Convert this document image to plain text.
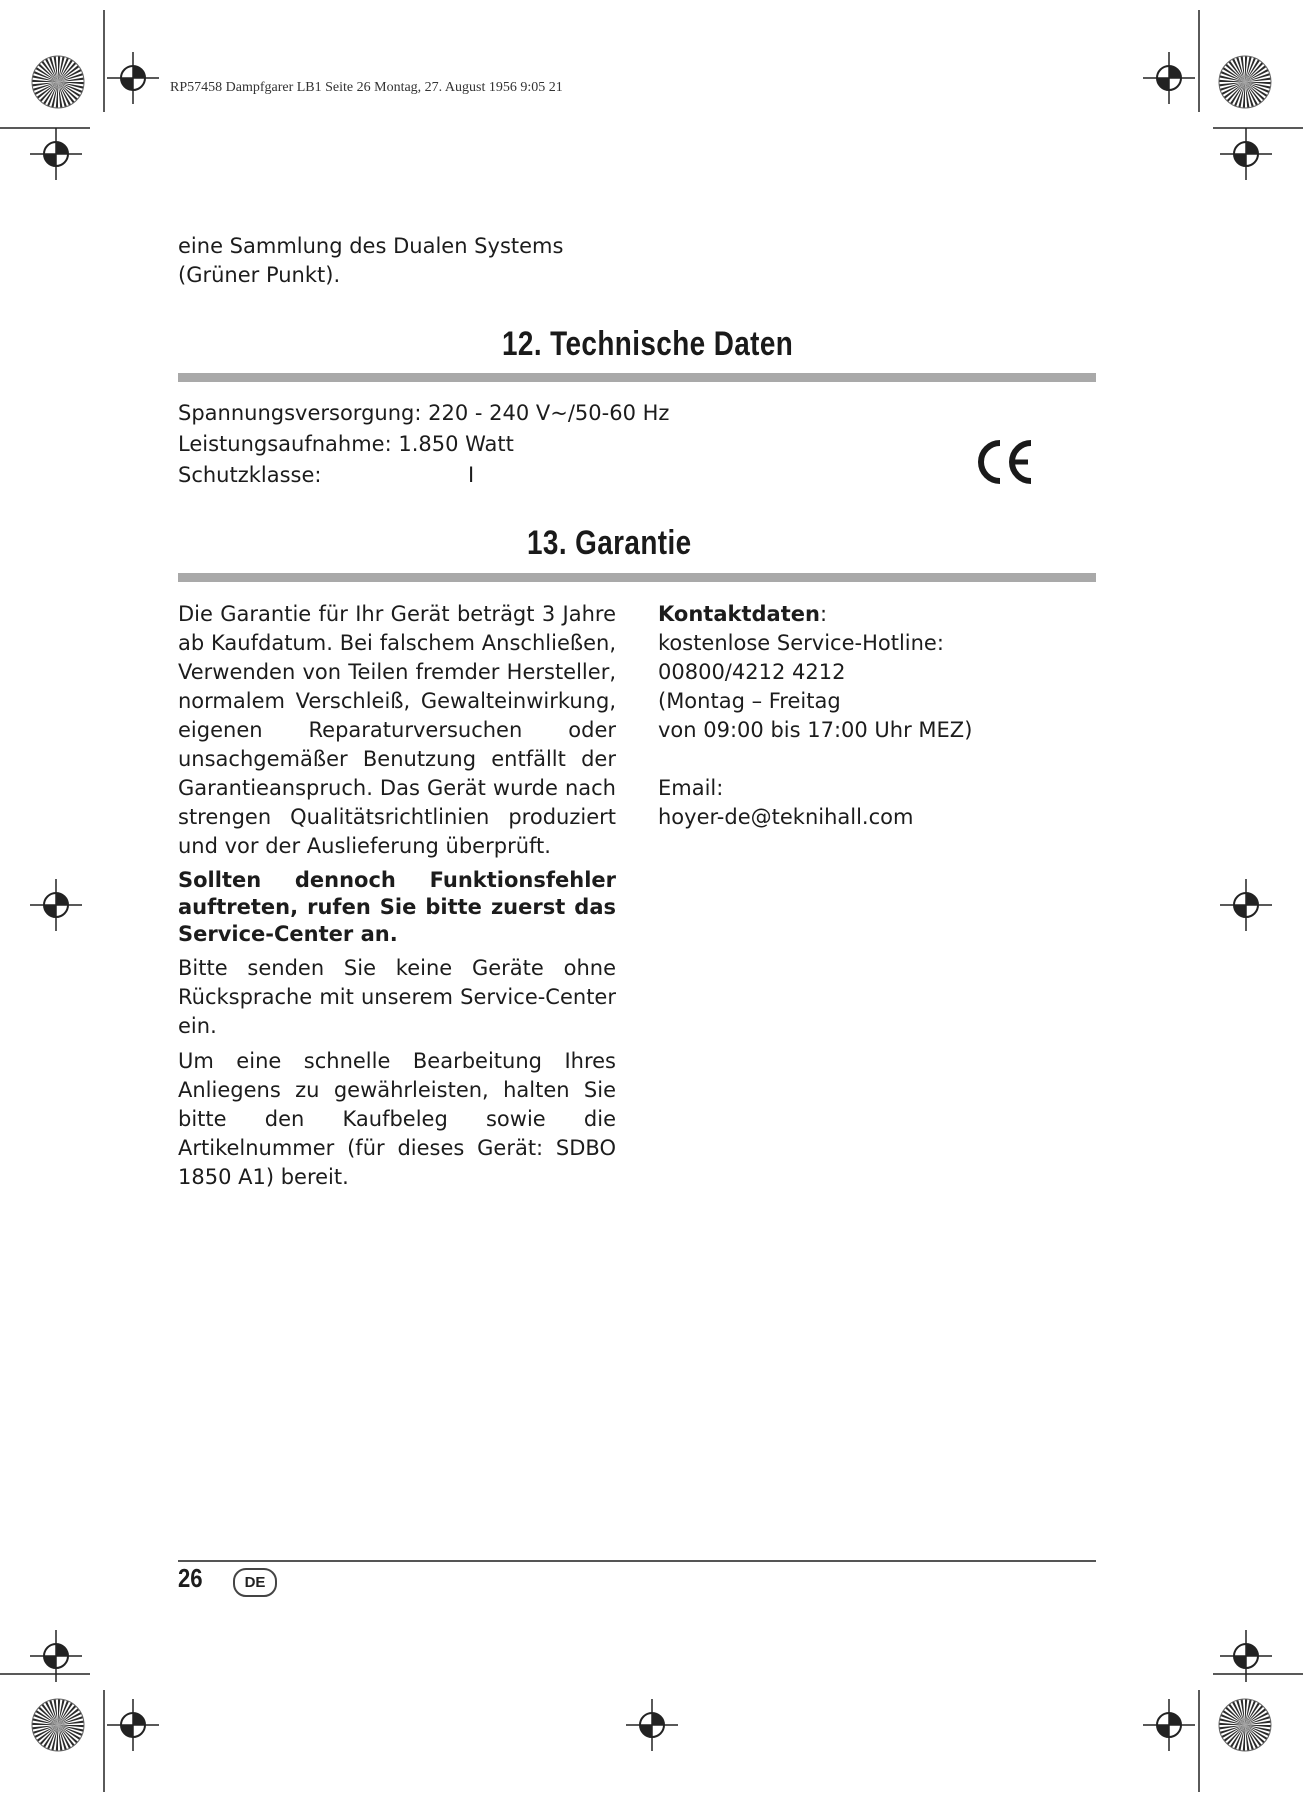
RP57458 Dampfgarer LB1 Seite 26 Montag, 27. August 1956 9:05 21
eine Sammlung des Dualen Systems (Grüner Punkt).
12. Technische Daten
Spannungsversorgung: 220 - 240 V~/50-60 Hz
Leistungsaufnahme: 1.850 Watt
Schutzklasse:	I
13. Garantie

Die Garantie für Ihr Gerät beträgt 3 Jahre ab Kaufdatum. Bei falschem Anschließen, Verwenden von Teilen fremder Hersteller, normalem Verschleiß, Gewalteinwirkung, eigenen Reparaturversuchen oder unsachgemäßer Benutzung entfällt der Garantieanspruch. Das Gerät wurde nach strengen Qualitätsrichtlinien produziert und vor der Auslieferung überprüft.

Sollten dennoch Funktionsfehler auftreten, rufen Sie bitte zuerst das Service-Center an.

Bitte senden Sie keine Geräte ohne Rücksprache mit unserem Service-Center ein.

Um eine schnelle Bearbeitung Ihres Anliegens zu gewährleisten, halten Sie bitte den Kaufbeleg sowie die Artikelnummer (für dieses Gerät: SDBO 1850 A1) bereit.

Kontaktdaten:

kostenlose Service-Hotline:

00800/4212 4212

(Montag – Freitag

von 09:00 bis 17:00 Uhr MEZ)

Email:

hoyer-de@teknihall.com

26	DE
